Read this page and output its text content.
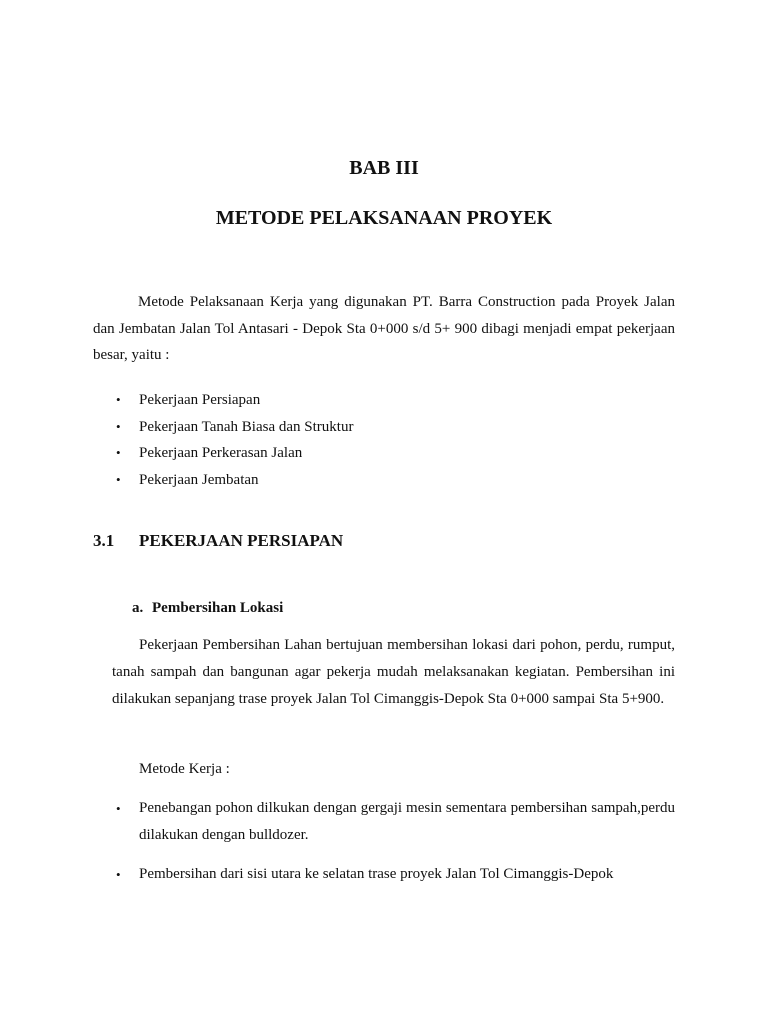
BAB III
METODE PELAKSANAAN PROYEK

Metode Pelaksanaan Kerja yang digunakan PT. Barra Construction pada Proyek Jalan dan Jembatan Jalan Tol Antasari - Depok Sta 0+000 s/d 5+ 900 dibagi menjadi empat pekerjaan besar, yaitu :

• Pekerjaan Persiapan
• Pekerjaan Tanah Biasa dan Struktur
• Pekerjaan Perkerasan Jalan
• Pekerjaan Jembatan
3.1 PEKERJAAN PERSIAPAN
a. Pembersihan Lokasi

Pekerjaan Pembersihan Lahan bertujuan membersihan lokasi dari pohon, perdu, rumput, tanah sampah dan bangunan agar pekerja mudah melaksanakan kegiatan. Pembersihan ini dilakukan sepanjang trase proyek Jalan Tol Cimanggis-Depok Sta 0+000 sampai Sta 5+900.

Metode Kerja :

• Penebangan pohon dilkukan dengan gergaji mesin sementara pembersihan sampah,perdu dilakukan dengan bulldozer.
• Pembersihan dari sisi utara ke selatan trase proyek Jalan Tol Cimanggis-Depok
